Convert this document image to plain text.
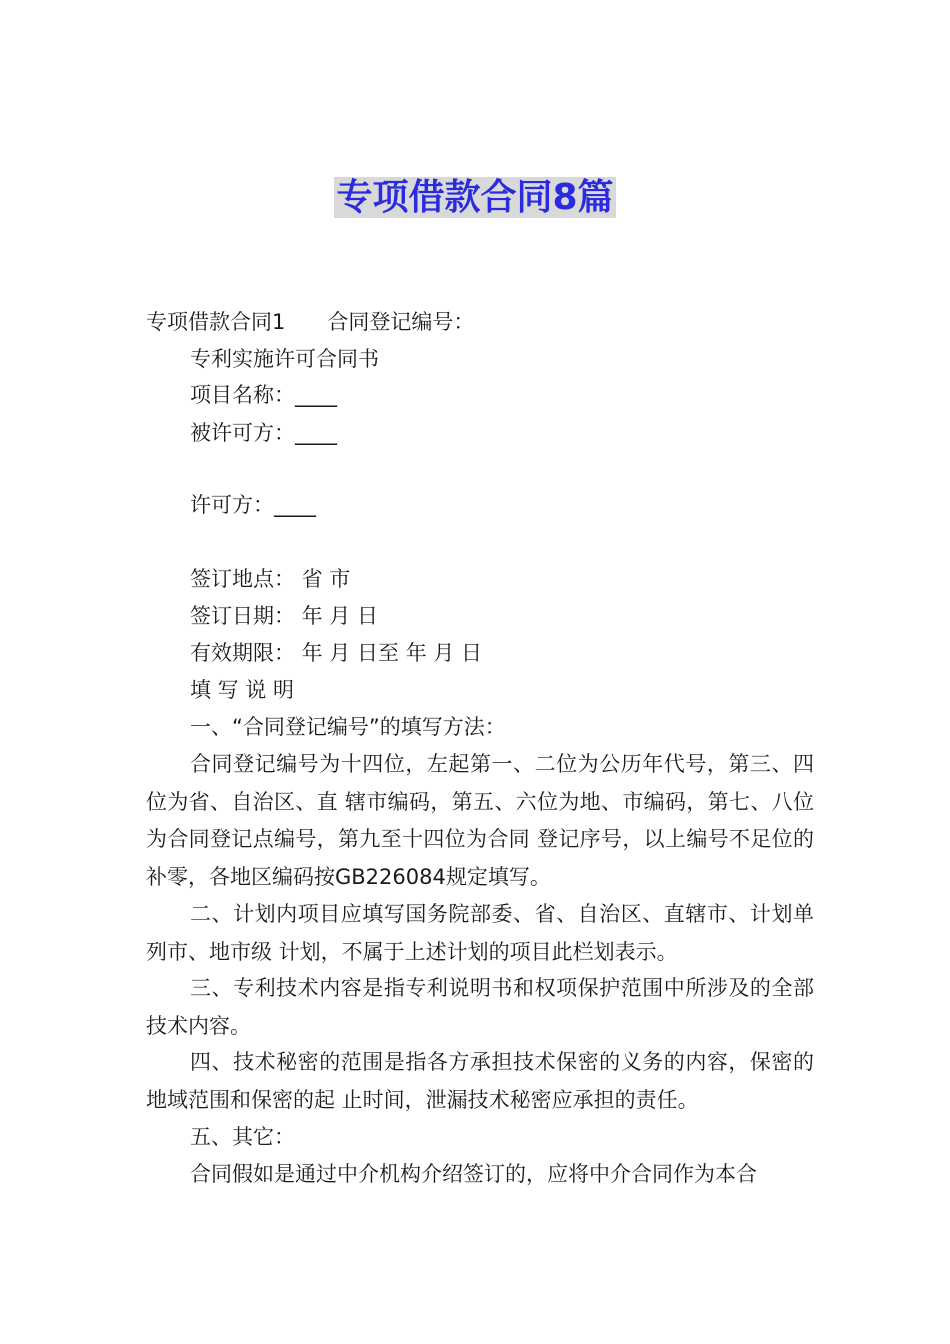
专项借款合同8篇
专项借款合同1　　合同登记编号：
专利实施许可合同书
项目名称：____
被许可方：____
许可方：____
签订地点： 省 市
签订日期： 年 月 日
有效期限： 年 月 日至 年 月 日
填 写 说 明
一、“合同登记编号”的填写方法：
合同登记编号为十四位，左起第一、二位为公历年代号，第三、四位为省、自治区、直 辖市编码，第五、六位为地、市编码，第七、八位为合同登记点编号，第九至十四位为合同 登记序号，以上编号不足位的补零，各地区编码按GB226084规定填写。
二、计划内项目应填写国务院部委、省、自治区、直辖市、计划单列市、地市级 计划，不属于上述计划的项目此栏划表示。
三、专利技术内容是指专利说明书和权项保护范围中所涉及的全部技术内容。
四、技术秘密的范围是指各方承担技术保密的义务的内容，保密的地域范围和保密的起 止时间，泄漏技术秘密应承担的责任。
五、其它：
合同假如是通过中介机构介绍签订的，应将中介合同作为本合
